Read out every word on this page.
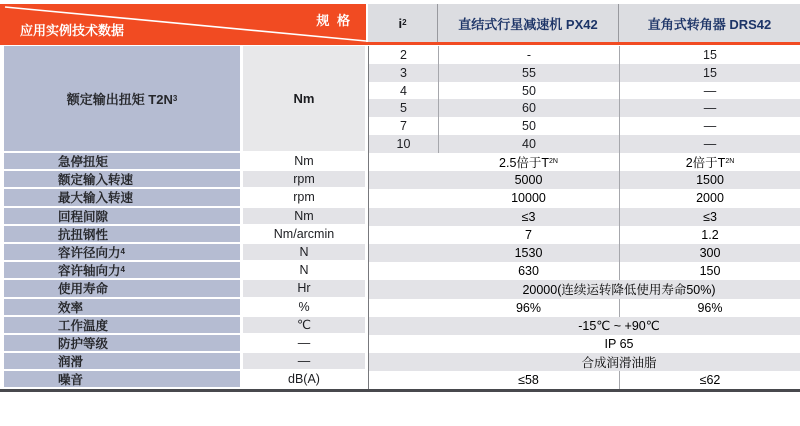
规 格
应用实例技术数据	i 2	直结式行星减速机 PX42	直角式转角器 DRS42
额定输出扭矩 T2N 3	Nm
2	-	15
3	55	15
4	50	—
5	60	—
7	50	—
10	40	—
急停扭矩	Nm	2.5倍于T 2N	2倍于T 2N
额定输入转速	rpm	5000	1500
最大输入转速	rpm	10000	2000
回程间隙	Nm	≤3	≤3
抗扭钢性	Nm/arcmin	7	1.2
容许径向力 4	N	1530	300
容许轴向力 4	N	630	150
使用寿命	Hr	20000(连续运转降低使用寿命50%)
效率	%	96%	96%
工作温度	℃	-15℃ ~ +90℃
防护等级	—	IP 65
润滑	—	合成润滑油脂
噪音	dB(A)	≤58	≤62
